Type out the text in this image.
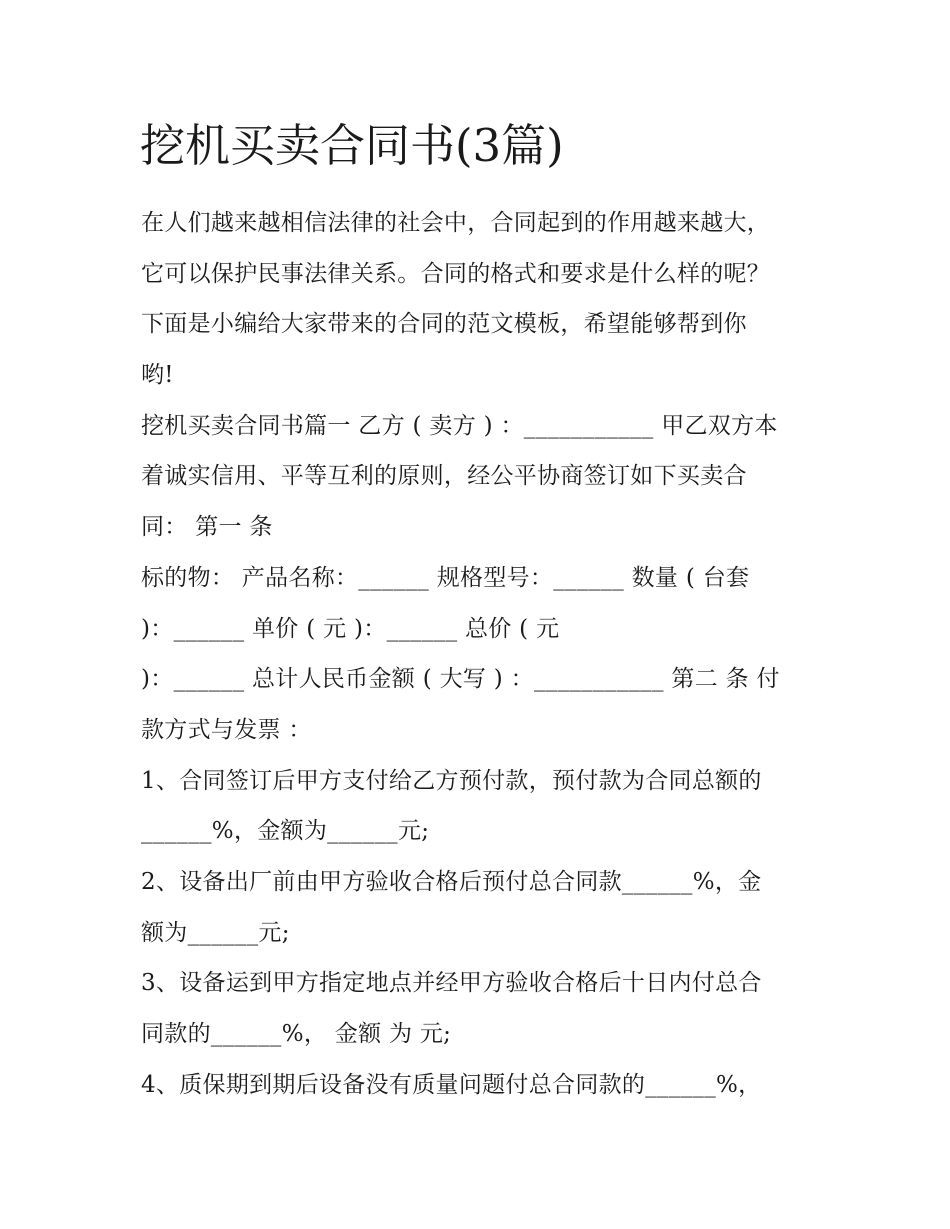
挖机买卖合同书(3篇)
在人们越来越相信法律的社会中，合同起到的作用越来越大，
它可以保护民事法律关系。合同的格式和要求是什么样的呢？
下面是小编给大家带来的合同的范文模板，希望能够帮到你
哟!
挖机买卖合同书篇一 乙方 ( 卖方 ) ：___________ 甲乙双方本
着诚实信用、平等互利的原则，经公平协商签订如下买卖合
同： 第一 条
标的物： 产品名称：______ 规格型号：______ 数量 ( 台套
)：______ 单价 ( 元 )：______ 总价 ( 元
)：______ 总计人民币金额 ( 大写 ) ：___________ 第二 条 付
款方式与发票 ：
1、合同签订后甲方支付给乙方预付款，预付款为合同总额的
______%，金额为______元;
2、设备出厂前由甲方验收合格后预付总合同款______%，金
额为______元;
3、设备运到甲方指定地点并经甲方验收合格后十日内付总合
同款的______%， 金额 为 元;
4、质保期到期后设备没有质量问题付总合同款的______%，
